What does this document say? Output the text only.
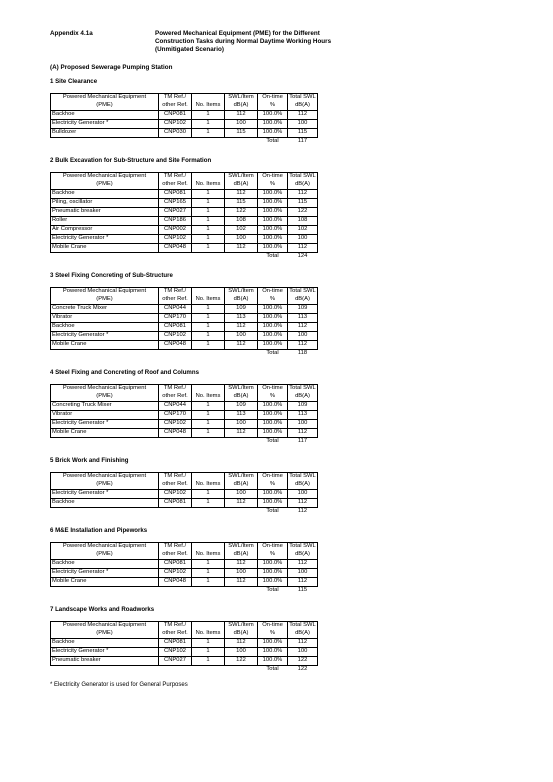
Appendix 4.1a	Powered Mechanical Equipment (PME) for the Different
Construction Tasks during Normal Daytime Working Hours
(Unmitigated Scenario)
(A) Proposed Sewerage Pumping Station
1 Site Clearance
Powered Mechanical Equipment	TM Ref./		SWL/Item	On-time	Total SWL
(PME)	other Ref.	No. Items	dB(A)	%	dB(A)
Backhoe	CNP081	1	112	100.0%	112
Electricity Generator *	CNP102	1	100	100.0%	100
Bulldozer	CNP030	1	115	100.0%	115
				Total	117
2 Bulk Excavation for Sub-Structure and Site Formation
Powered Mechanical Equipment	TM Ref./		SWL/Item	On-time	Total SWL
(PME)	other Ref.	No. Items	dB(A)	%	dB(A)
Backhoe	CNP081	1	112	100.0%	112
Piling, oscillator	CNP165	1	115	100.0%	115
Pneumatic breaker	CNP027	1	122	100.0%	122
Roller	CNP186	1	108	100.0%	108
Air Compressor	CNP002	1	102	100.0%	102
Electricity Generator *	CNP102	1	100	100.0%	100
Mobile Crane	CNP048	1	112	100.0%	112
				Total	124
3 Steel Fixing Concreting of Sub-Structure
Powered Mechanical Equipment	TM Ref./		SWL/Item	On-time	Total SWL
(PME)	other Ref.	No. Items	dB(A)	%	dB(A)
Concrete Truck Mixer	CNP044	1	109	100.0%	109
Vibrator	CNP170	1	113	100.0%	113
Backhoe	CNP081	1	112	100.0%	112
Electricity Generator *	CNP102	1	100	100.0%	100
Mobile Crane	CNP048	1	112	100.0%	112
				Total	118
4 Steel Fixing and Concreting of Roof and Columns
Powered Mechanical Equipment	TM Ref./		SWL/Item	On-time	Total SWL
(PME)	other Ref.	No. Items	dB(A)	%	dB(A)
Concreting Truck Mixer	CNP044	1	109	100.0%	109
Vibrator	CNP170	1	113	100.0%	113
Electricity Generator *	CNP102	1	100	100.0%	100
Mobile Crane	CNP048	1	112	100.0%	112
				Total	117
5 Brick Work and Finishing
Powered Mechanical Equipment	TM Ref./		SWL/Item	On-time	Total SWL
(PME)	other Ref.	No. Items	dB(A)	%	dB(A)
Electricity Generator *	CNP102	1	100	100.0%	100
Backhoe	CNP081	1	112	100.0%	112
				Total	112
6 M&E Installation and Pipeworks
Powered Mechanical Equipment	TM Ref./		SWL/Item	On-time	Total SWL
(PME)	other Ref.	No. Items	dB(A)	%	dB(A)
Backhoe	CNP081	1	112	100.0%	112
Electricity Generator *	CNP102	1	100	100.0%	100
Mobile Crane	CNP048	1	112	100.0%	112
				Total	115
7 Landscape Works and Roadworks
Powered Mechanical Equipment	TM Ref./		SWL/Item	On-time	Total SWL
(PME)	other Ref.	No. Items	dB(A)	%	dB(A)
Backhoe	CNP081	1	112	100.0%	112
Electricity Generator *	CNP102	1	100	100.0%	100
Pneumatic breaker	CNP027	1	122	100.0%	122
				Total	122
* Electricity Generator is used for General Purposes
